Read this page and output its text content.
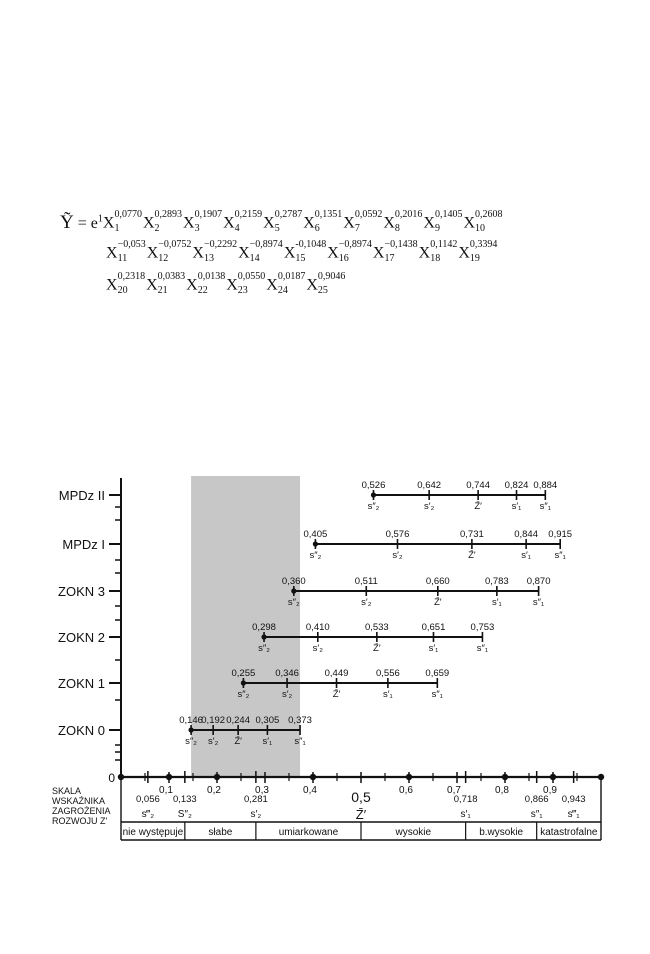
Ỹ = $e^1X$
0,0770
1	X
0,2893
2	X
0,1907
3	X
0,2159
4	X
0,2787
5	X
0,1351
6	X
0,0592
7	X
0,2016
8	X
0,1405
9	X
0,2608
10
X
−0,053
11	X
−0,0752
12	X
−0,2292
13	X
−0,8974
14	X
-0,1048
15	X
−0,8974
16	X
−0,1438
17	X
0,1142
18	X
0,3394
19
X
0,2318
20	X
0,0383
21	X
0,0138
22	X
0,0550
23	X
0,0187
24	X
0,9046
25
MPDz II
0,526
s″₂
0,642
s′₂
0,744
Z̄′
0,824
s′₁
0,884
s″₁
MPDz I
0,405
s″₂
0,576
s′₂
0,731
Z̄′
0,844
s′₁
0,915
s″₁
ZOKN 3
0,360
s″₂
0,511
s′₂
0,660
Z̄′
0,783
s′₁
0,870
s″₁
ZOKN 2
0,298
s″₂
0,410
s′₂
0,533
Z̄′
0,651
s′₁
0,753
s″₁
ZOKN 1
0,255
s″₂
0,346
s′₂
0,449
Z̄′
0,556
s′₁
0,659
s″₁
ZOKN 0
0,146
s″₂
0,192
s′₂
0,244
Z̄′
0,305
s′₁
0,373
s″₁
0
SKALA
WSKAŹNIKA
ZAGROŻENIA
ROZWOJU Z'
0,1	0,2	0,3	0,4 0,5	0,6	0,7	0,8	0,9
0,056
s‴₂
0,133
S″₂
0,281
s′₂	Z̄′
0,718
s′₁
0,866
s″₁
0,943
s‴₁
nie występuje	słabe	umiarkowane	wysokie	b.wysokie katastrofalne
